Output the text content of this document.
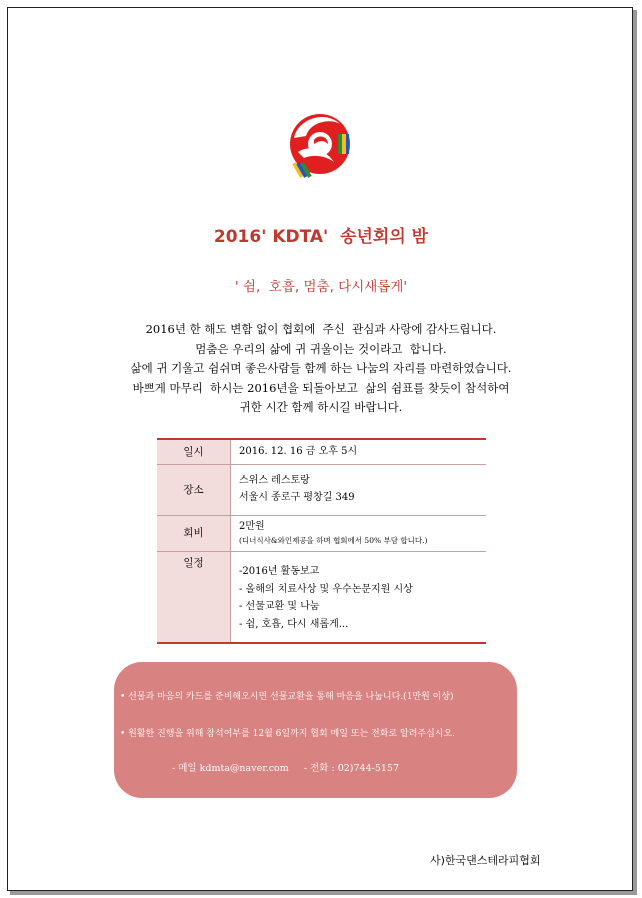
2016' KDTA'  송년회의 밤
' 쉼,  호흡, 멈춤, 다시새롭게'
2016년 한 해도 변함 없이 협회에  주신  관심과 사랑에 감사드립니다.
멈춤은 우리의 삶에 귀 귀울이는 것이라고  합니다.
삶에 귀 기울고 쉼쉬며 좋은사람들 함께 하는 나눔의 자리를 마련하였습니다.
바쁘게 마무리  하시는 2016년을 되돌아보고  삶의 쉼표를 찾듯이 참석하여
귀한 시간 함께 하시길 바랍니다.
일시	2016. 12. 16 금 오후 5시
장소	스위스 레스토랑
서울시 종로구 평창길 349

회비	2만원
(디너식사&와인제공을 하며 협회에서 50% 부담 합니다.)

일정	-2016년 활동보고
- 올해의 치료사상 및 우수논문지원 시상
- 선물교환 및 나눔
- 쉼, 호흡, 다시 새롭게...
• 선물과 마음의 카드를 준비해오시면 선물교환을 통해 마음을 나눕니다.(1만원 이상)
• 원활한 진행을 위해 참석여부를 12월 6일까지 협회 메일 또는 전화로 알려주십시오.
- 메일 kdmta@naver.com     - 전화 : 02)744-5157
사)한국댄스테라피협회
